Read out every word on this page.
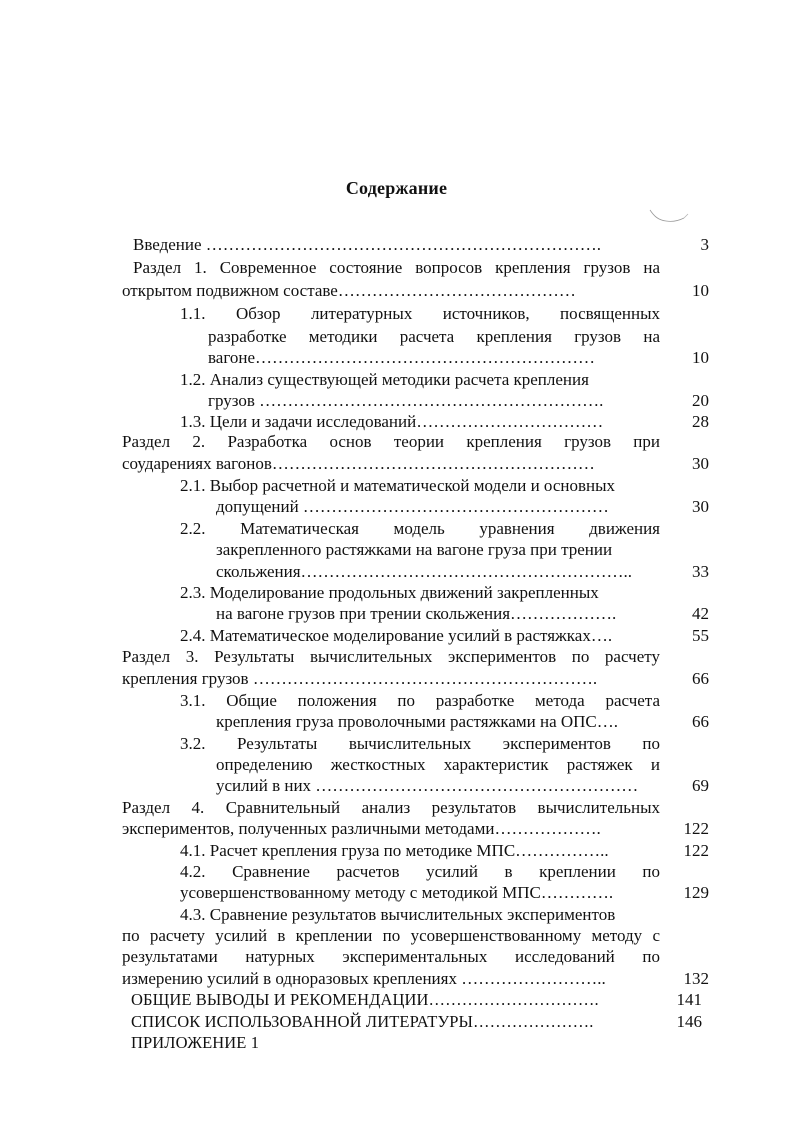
Содержание
Введение …………………………………………………………….	3
Раздел 1. Современное состояние вопросов крепления грузов на
открытом подвижном составе……………………………………	10
1.1. Обзор литературных источников, посвященных
разработке методики расчета крепления грузов на
вагоне……………………………………………………	10
1.2. Анализ существующей методики расчета крепления
грузов …………………………………………………….	20
1.3. Цели и задачи исследований……………………………	28
Раздел 2. Разработка основ теории крепления грузов при
соударениях вагонов…………………………………………………	30
2.1. Выбор расчетной и математической модели и основных
допущений ………………………………………………	30
2.2. Математическая модель уравнения движения
закрепленного растяжками на вагоне груза при трении
скольжения…………………………………………………..	33
2.3. Моделирование продольных движений закрепленных
на вагоне грузов при трении скольжения……………….	42
2.4. Математическое моделирование усилий в растяжках….	55
Раздел 3. Результаты вычислительных экспериментов по расчету
крепления грузов …………………………………………………….	66
3.1. Общие положения по разработке метода расчета
крепления груза проволочными растяжками на ОПС….	66
3.2. Результаты вычислительных экспериментов по
определению жесткостных характеристик растяжек и
усилий в них …………………………………………………	69
Раздел 4. Сравнительный анализ результатов вычислительных
экспериментов, полученных различными методами……………….	122
4.1. Расчет крепления груза по методике МПС……………..	122
4.2. Сравнение расчетов усилий в креплении по
усовершенствованному методу с методикой МПС………….	129
4.3. Сравнение результатов вычислительных экспериментов
по расчету усилий в креплении по усовершенствованному методу с
результатами натурных экспериментальных исследований по
измерению усилий в одноразовых креплениях ……………………..	132
ОБЩИЕ ВЫВОДЫ И РЕКОМЕНДАЦИИ………………………….	141
СПИСОК ИСПОЛЬЗОВАННОЙ ЛИТЕРАТУРЫ………………….	146
ПРИЛОЖЕНИЕ 1
